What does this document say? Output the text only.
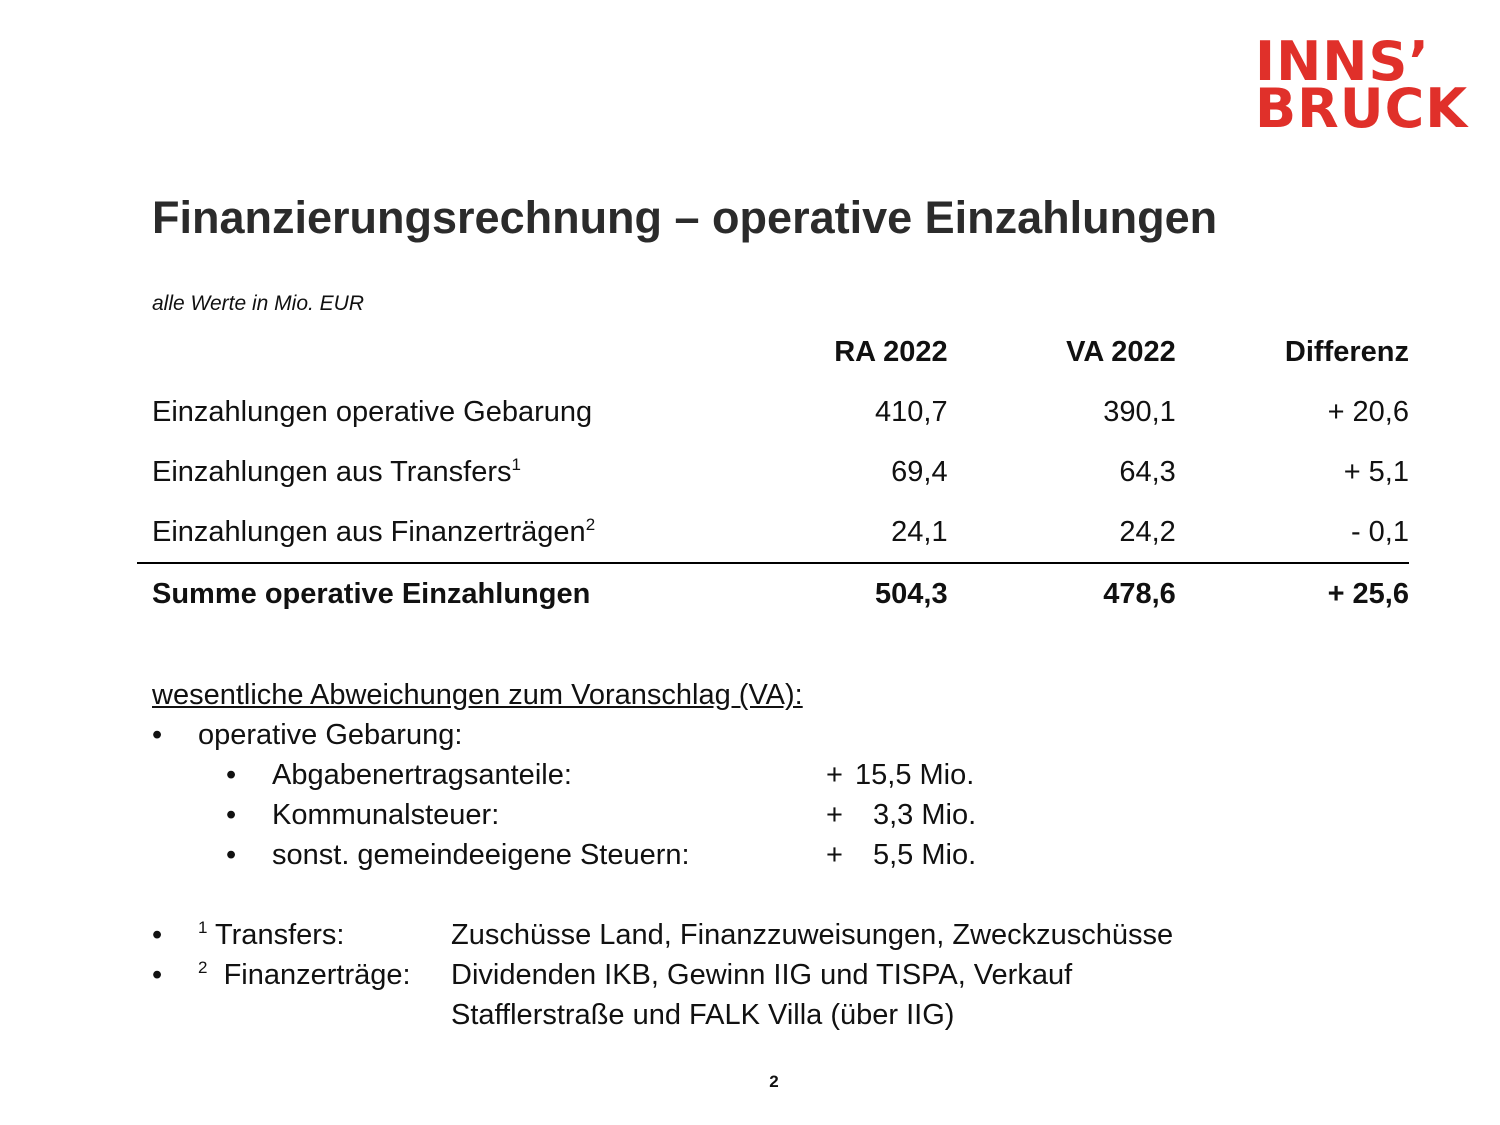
INNS’
BRUCK
Finanzierungsrechnung – operative Einzahlungen
alle Werte in Mio. EUR
	RA 2022	VA 2022	Differenz
Einzahlungen operative Gebarung	410,7	390,1	+ 20,6
Einzahlungen aus Transfers$^1$	69,4	64,3	+ 5,1
Einzahlungen aus Finanzerträgen$^2$	24,1	24,2	- 0,1
Summe operative Einzahlungen	504,3	478,6	+ 25,6
wesentliche Abweichungen zum Voranschlag (VA):
• operative Gebarung:
• Abgabenertragsanteile:	+ 15,5 Mio.
• Kommunalsteuer:	+ 3,3 Mio.
• sonst. gemeindeeigene Steuern:	+ 5,5 Mio.
• $^1$ Transfers:	Zuschüsse Land, Finanzzuweisungen, Zweckzuschüsse
• $^2$ Finanzerträge: Dividenden IKB, Gewinn IIG und TISPA, Verkauf
Stafflerstraße und FALK Villa (über IIG)
2
